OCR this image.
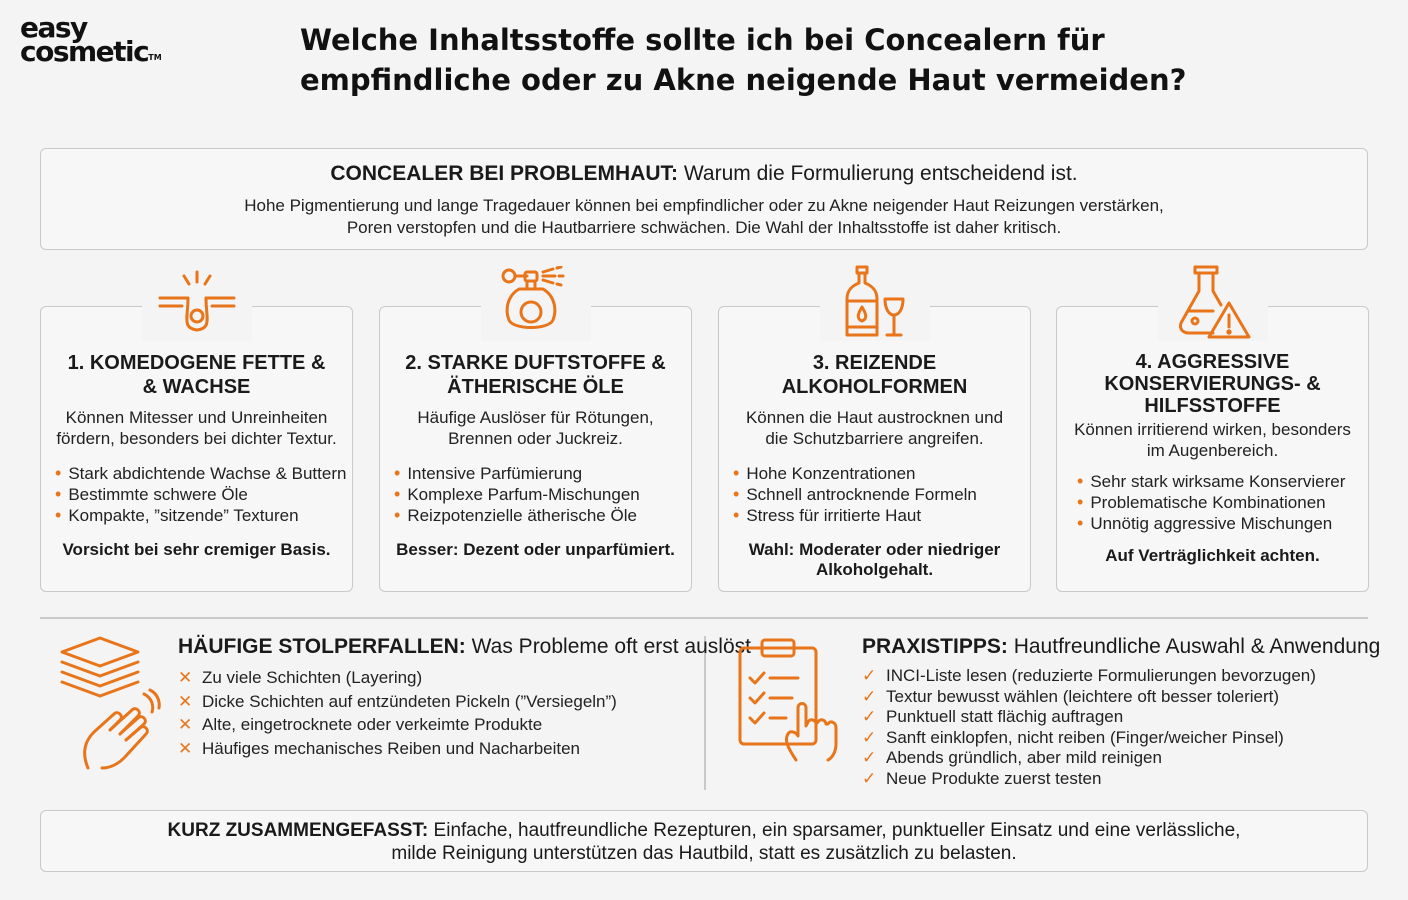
easy
cosmetic™
Welche Inhaltsstoffe sollte ich bei Concealern für
empfindliche oder zu Akne neigende Haut vermeiden?
CONCEALER BEI PROBLEMHAUT: Warum die Formulierung entscheidend ist.
Hohe Pigmentierung und lange Tragedauer können bei empfindlicher oder zu Akne neigender Haut Reizungen verstärken,
Poren verstopfen und die Hautbarriere schwächen. Die Wahl der Inhaltsstoffe ist daher kritisch.
1. KOMEDOGENE FETTE &
& WACHSE
Können Mitesser und Unreinheiten
fördern, besonders bei dichter Textur.
• Stark abdichtende Wachse & Buttern
• Bestimmte schwere Öle
• Kompakte, ”sitzende” Texturen
Vorsicht bei sehr cremiger Basis.
2. STARKE DUFTSTOFFE &
ÄTHERISCHE ÖLE
Häufige Auslöser für Rötungen,
Brennen oder Juckreiz.
• Intensive Parfümierung
• Komplexe Parfum-Mischungen
• Reizpotenzielle ätherische Öle
Besser: Dezent oder unparfümiert.
3. REIZENDE
ALKOHOLFORMEN
Können die Haut austrocknen und
die Schutzbarriere angreifen.
• Hohe Konzentrationen
• Schnell antrocknende Formeln
• Stress für irritierte Haut
Wahl: Moderater oder niedriger
Alkoholgehalt.
4. AGGRESSIVE
KONSERVIERUNGS- &
HILFSSTOFFE
Können irritierend wirken, besonders
im Augenbereich.
• Sehr stark wirksame Konservierer
• Problematische Kombinationen
• Unnötig aggressive Mischungen
Auf Verträglichkeit achten.
HÄUFIGE STOLPERFALLEN: Was Probleme oft erst auslöst
✕ Zu viele Schichten (Layering)
✕ Dicke Schichten auf entzündeten Pickeln (”Versiegeln”)
✕ Alte, eingetrocknete oder verkeimte Produkte
✕ Häufiges mechanisches Reiben und Nacharbeiten
PRAXISTIPPS: Hautfreundliche Auswahl & Anwendung
✓ INCI-Liste lesen (reduzierte Formulierungen bevorzugen)
✓ Textur bewusst wählen (leichtere oft besser toleriert)
✓ Punktuell statt flächig auftragen
✓ Sanft einklopfen, nicht reiben (Finger/weicher Pinsel)
✓ Abends gründlich, aber mild reinigen
✓ Neue Produkte zuerst testen
KURZ ZUSAMMENGEFASST: Einfache, hautfreundliche Rezepturen, ein sparsamer, punktueller Einsatz und eine verlässliche,
milde Reinigung unterstützen das Hautbild, statt es zusätzlich zu belasten.
